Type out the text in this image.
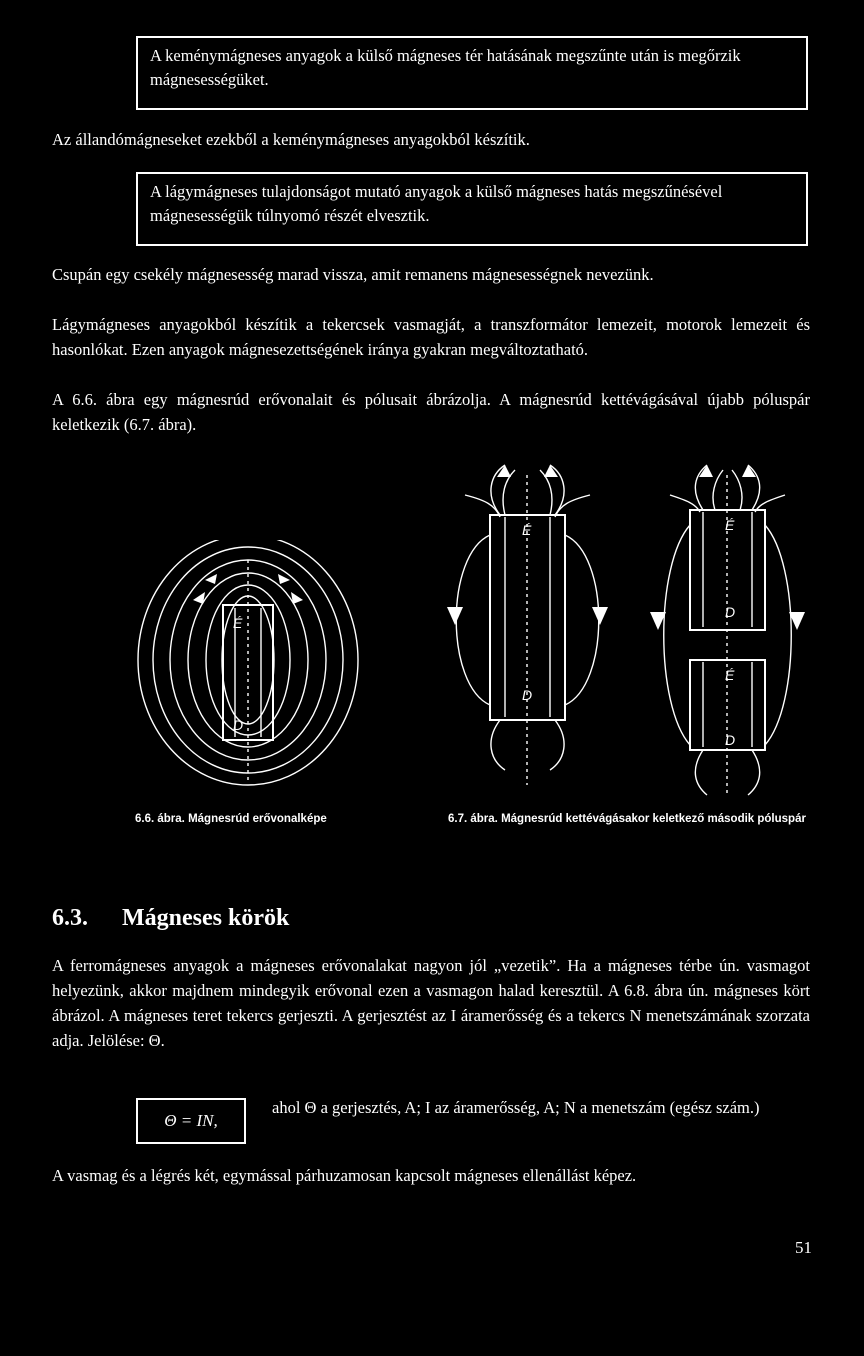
A keménymágneses anyagok a külső mágneses tér hatásának megszűnte után is megőrzik mágnesességüket.
Az állandómágneseket ezekből a keménymágneses anyagokból készítik.
A lágymágneses tulajdonságot mutató anyagok a külső mágneses hatás megszűnésével mágnesességük túlnyomó részét elvesztik.
Csupán egy csekély mágnesesség marad vissza, amit remanens mágnesességnek nevezünk.
Lágymágneses anyagokból készítik a tekercsek vasmagját, a transzformátor lemezeit, motorok lemezeit és hasonlókat. Ezen anyagok mágnesezettségének iránya gyakran megváltoztatható.
A 6.6. ábra egy mágnesrúd erővonalait és pólusait ábrázolja. A mágnesrúd kettévágásával újabb póluspár keletkezik (6.7. ábra).
É
D
É
D
É
D
É
D
6.6. ábra. Mágnesrúd erővonalképe	6.7. ábra. Mágnesrúd kettévágásakor keletkező második póluspár
6.3. Mágneses körök
A ferromágneses anyagok a mágneses erővonalakat nagyon jól „vezetik”. Ha a mágneses térbe ún. vasmagot helyezünk, akkor majdnem mindegyik erővonal ezen a vasmagon halad keresztül. A 6.8. ábra ún. mágneses kört ábrázol. A mágneses teret tekercs gerjeszti. A gerjesztést az I áramerősség és a tekercs N menetszámának szorzata adja. Jelölése: Θ.
Θ = IN,
ahol Θ a gerjesztés, A; I az áramerősség, A; N a menetszám (egész szám.)
A vasmag és a légrés két, egymással párhuzamosan kapcsolt mágneses ellenállást képez.
51
